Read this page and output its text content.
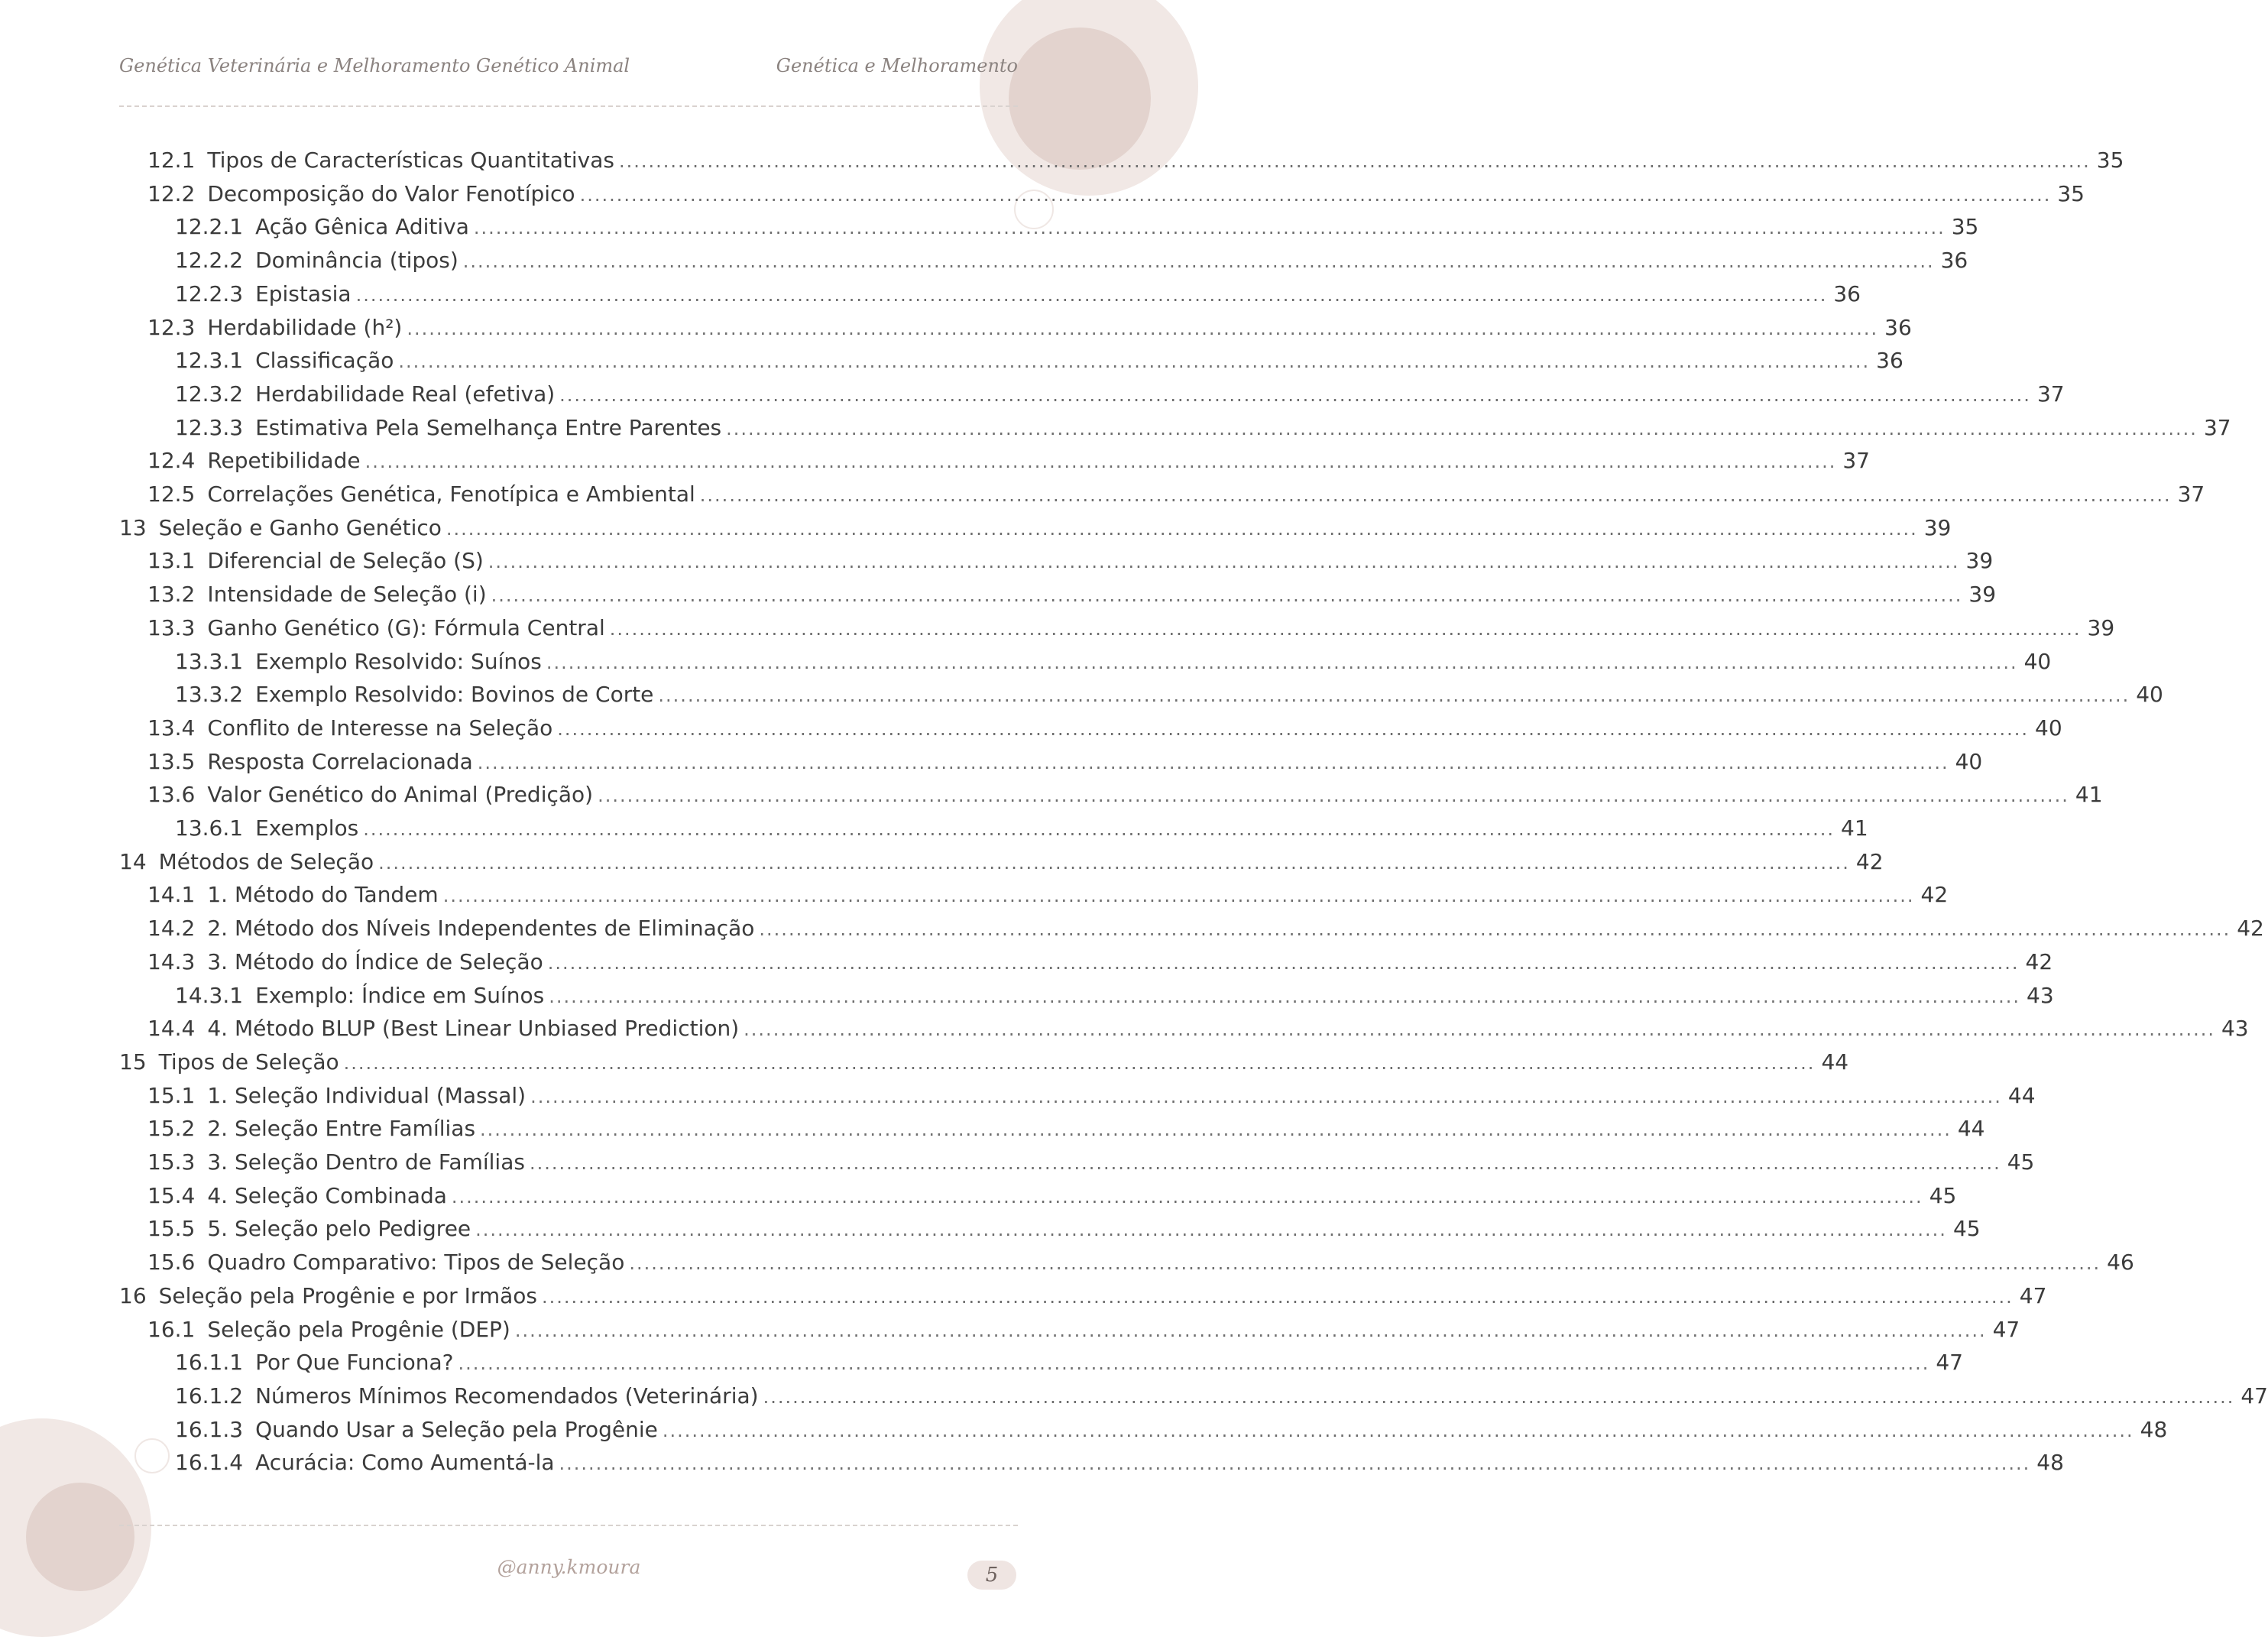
Genética Veterinária e Melhoramento Genético Animal	Genética e Melhoramento
12.1 Tipos de Características Quantitativas ........................................................................................................................................................................................................ 35
12.2 Decomposição do Valor Fenotípico ........................................................................................................................................................................................................ 35
12.2.1 Ação Gênica Aditiva ........................................................................................................................................................................................................ 35
12.2.2 Dominância (tipos) ........................................................................................................................................................................................................ 36
12.2.3 Epistasia ........................................................................................................................................................................................................ 36
12.3 Herdabilidade (h²) ........................................................................................................................................................................................................ 36
12.3.1 Classificação ........................................................................................................................................................................................................ 36
12.3.2 Herdabilidade Real (efetiva) ........................................................................................................................................................................................................ 37
12.3.3 Estimativa Pela Semelhança Entre Parentes ........................................................................................................................................................................................................ 37
12.4 Repetibilidade ........................................................................................................................................................................................................ 37
12.5 Correlações Genética, Fenotípica e Ambiental ........................................................................................................................................................................................................ 37
13 Seleção e Ganho Genético ........................................................................................................................................................................................................ 39
13.1 Diferencial de Seleção (S) ........................................................................................................................................................................................................ 39
13.2 Intensidade de Seleção (i) ........................................................................................................................................................................................................ 39
13.3 Ganho Genético (G): Fórmula Central ........................................................................................................................................................................................................ 39
13.3.1 Exemplo Resolvido: Suínos ........................................................................................................................................................................................................ 40
13.3.2 Exemplo Resolvido: Bovinos de Corte ........................................................................................................................................................................................................ 40
13.4 Conflito de Interesse na Seleção ........................................................................................................................................................................................................ 40
13.5 Resposta Correlacionada ........................................................................................................................................................................................................ 40
13.6 Valor Genético do Animal (Predição) ........................................................................................................................................................................................................ 41
13.6.1 Exemplos ........................................................................................................................................................................................................ 41
14 Métodos de Seleção ........................................................................................................................................................................................................ 42
14.1 1. Método do Tandem ........................................................................................................................................................................................................ 42
14.2 2. Método dos Níveis Independentes de Eliminação ........................................................................................................................................................................................................ 42
14.3 3. Método do Índice de Seleção ........................................................................................................................................................................................................ 42
14.3.1 Exemplo: Índice em Suínos ........................................................................................................................................................................................................ 43
14.4 4. Método BLUP (Best Linear Unbiased Prediction) ........................................................................................................................................................................................................ 43
15 Tipos de Seleção ........................................................................................................................................................................................................ 44
15.1 1. Seleção Individual (Massal) ........................................................................................................................................................................................................ 44
15.2 2. Seleção Entre Famílias ........................................................................................................................................................................................................ 44
15.3 3. Seleção Dentro de Famílias ........................................................................................................................................................................................................ 45
15.4 4. Seleção Combinada ........................................................................................................................................................................................................ 45
15.5 5. Seleção pelo Pedigree ........................................................................................................................................................................................................ 45
15.6 Quadro Comparativo: Tipos de Seleção ........................................................................................................................................................................................................ 46
16 Seleção pela Progênie e por Irmãos ........................................................................................................................................................................................................ 47
16.1 Seleção pela Progênie (DEP) ........................................................................................................................................................................................................ 47
16.1.1 Por Que Funciona? ........................................................................................................................................................................................................ 47
16.1.2 Números Mínimos Recomendados (Veterinária) ........................................................................................................................................................................................................ 47
16.1.3 Quando Usar a Seleção pela Progênie ........................................................................................................................................................................................................ 48
16.1.4 Acurácia: Como Aumentá-la ........................................................................................................................................................................................................ 48
@anny.kmoura	5
